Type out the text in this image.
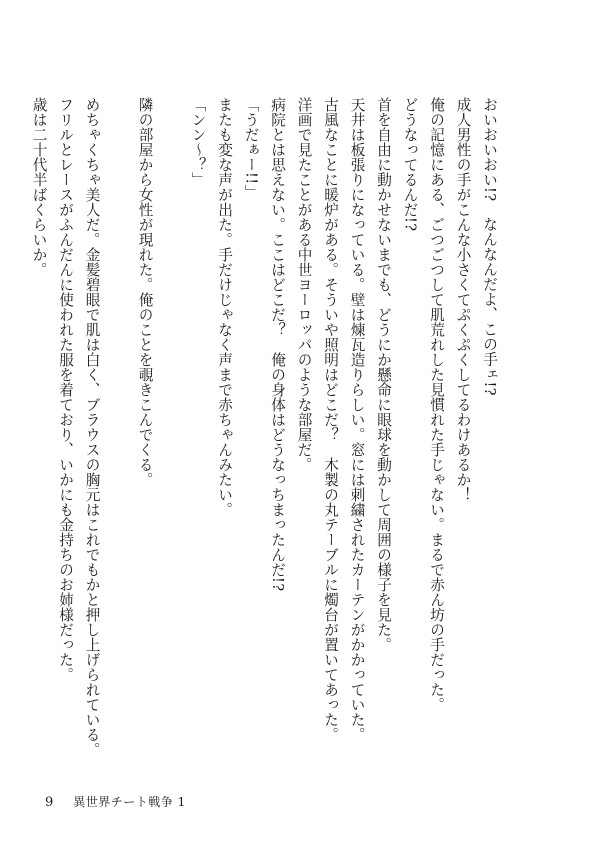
おいおいおい!?　なんなんだよ、この手ェ!?

成人男性の手がこんな小さくてぷくぷくしてるわけあるか！

俺の記憶にある、ごつごつして肌荒れした見慣れた手じゃない。まるで赤ん坊の手だった。

どうなってるんだ!?

首を自由に動かせないまでも、どうにか懸命に眼球を動かして周囲の様子を見た。

天井は板張りになっている。壁は煉瓦造りらしい。窓には刺繍されたカーテンがかかっていた。

古風なことに暖炉がある。そういや照明はどこだ？　木製の丸テーブルに燭台が置いてあった。

洋画で見たことがある中世ヨーロッパのような部屋だ。

病院とは思えない。ここはどこだ？　俺の身体はどうなっちまったんだ!?

「うだぁー!!」

またも変な声が出た。手だけじゃなく声まで赤ちゃんみたい。

「ンン～？」

隣の部屋から女性が現れた。俺のことを覗きこんでくる。

めちゃくちゃ美人だ。金髪碧眼で肌は白く、ブラウスの胸元はこれでもかと押し上げられている。

フリルとレースがふんだんに使われた服を着ており、いかにも金持ちのお姉様だった。

歳は二十代半ばくらいか。

9 異世界チート戦争 1
